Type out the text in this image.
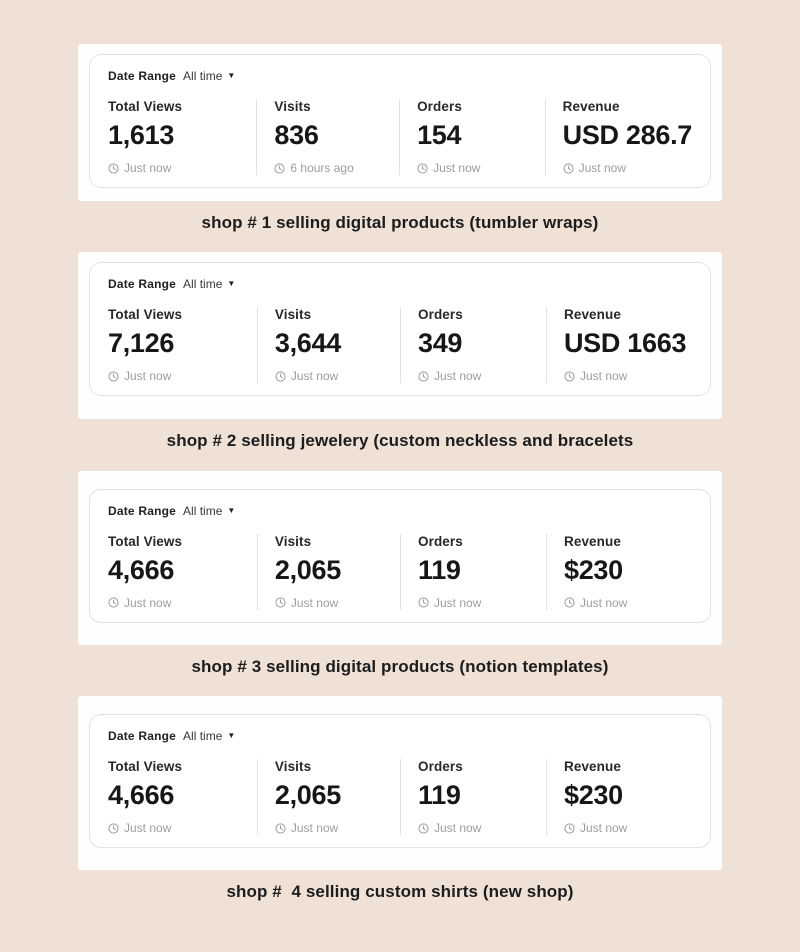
Date Range All time ▼
Total Views
1,613
Just now
Visits
836
6 hours ago
Orders
154
Just now
Revenue
USD 286.7
Just now
shop # 1 selling digital products (tumbler wraps)
Date Range All time ▼
Total Views
7,126
Just now
Visits
3,644
Just now
Orders
349
Just now
Revenue
USD 1663
Just now
shop # 2 selling jewelery (custom neckless and bracelets
Date Range All time ▼
Total Views
4,666
Just now
Visits
2,065
Just now
Orders
119
Just now
Revenue
$230
Just now
shop # 3 selling digital products (notion templates)
Date Range All time ▼
Total Views
4,666
Just now
Visits
2,065
Just now
Orders
119
Just now
Revenue
$230
Just now
shop #  4 selling custom shirts (new shop)
